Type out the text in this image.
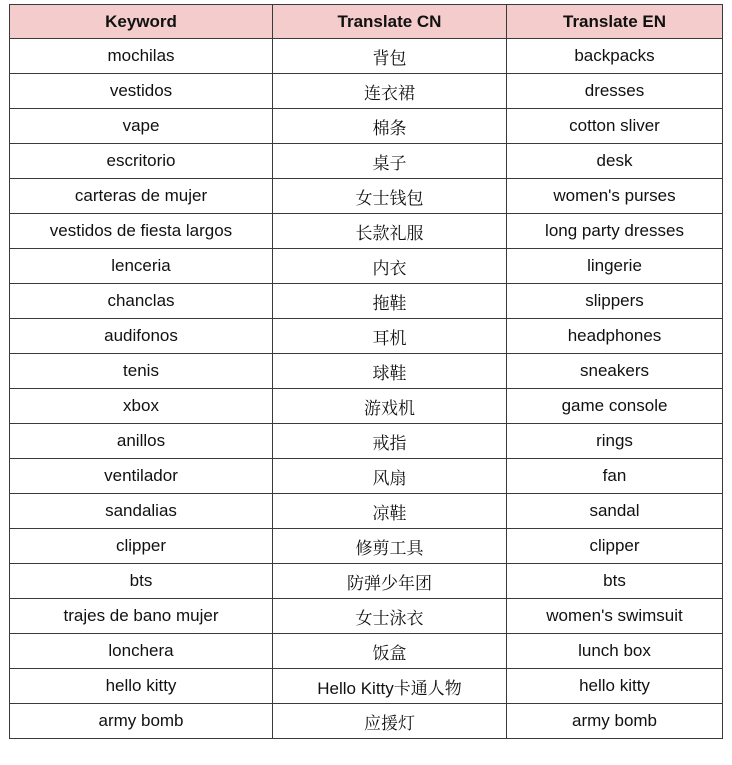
Keyword	Translate CN	Translate EN
mochilas	背包	backpacks
vestidos	连衣裙	dresses
vape	棉条	cotton sliver
escritorio	桌子	desk
carteras de mujer	女士钱包	women's purses
vestidos de fiesta largos	长款礼服	long party dresses
lenceria	内衣	lingerie
chanclas	拖鞋	slippers
audifonos	耳机	headphones
tenis	球鞋	sneakers
xbox	游戏机	game console
anillos	戒指	rings
ventilador	风扇	fan
sandalias	凉鞋	sandal
clipper	修剪工具	clipper
bts	防弹少年团	bts
trajes de bano mujer	女士泳衣	women's swimsuit
lonchera	饭盒	lunch box
hello kitty	Hello Kitty卡通人物	hello kitty
army bomb	应援灯	army bomb
